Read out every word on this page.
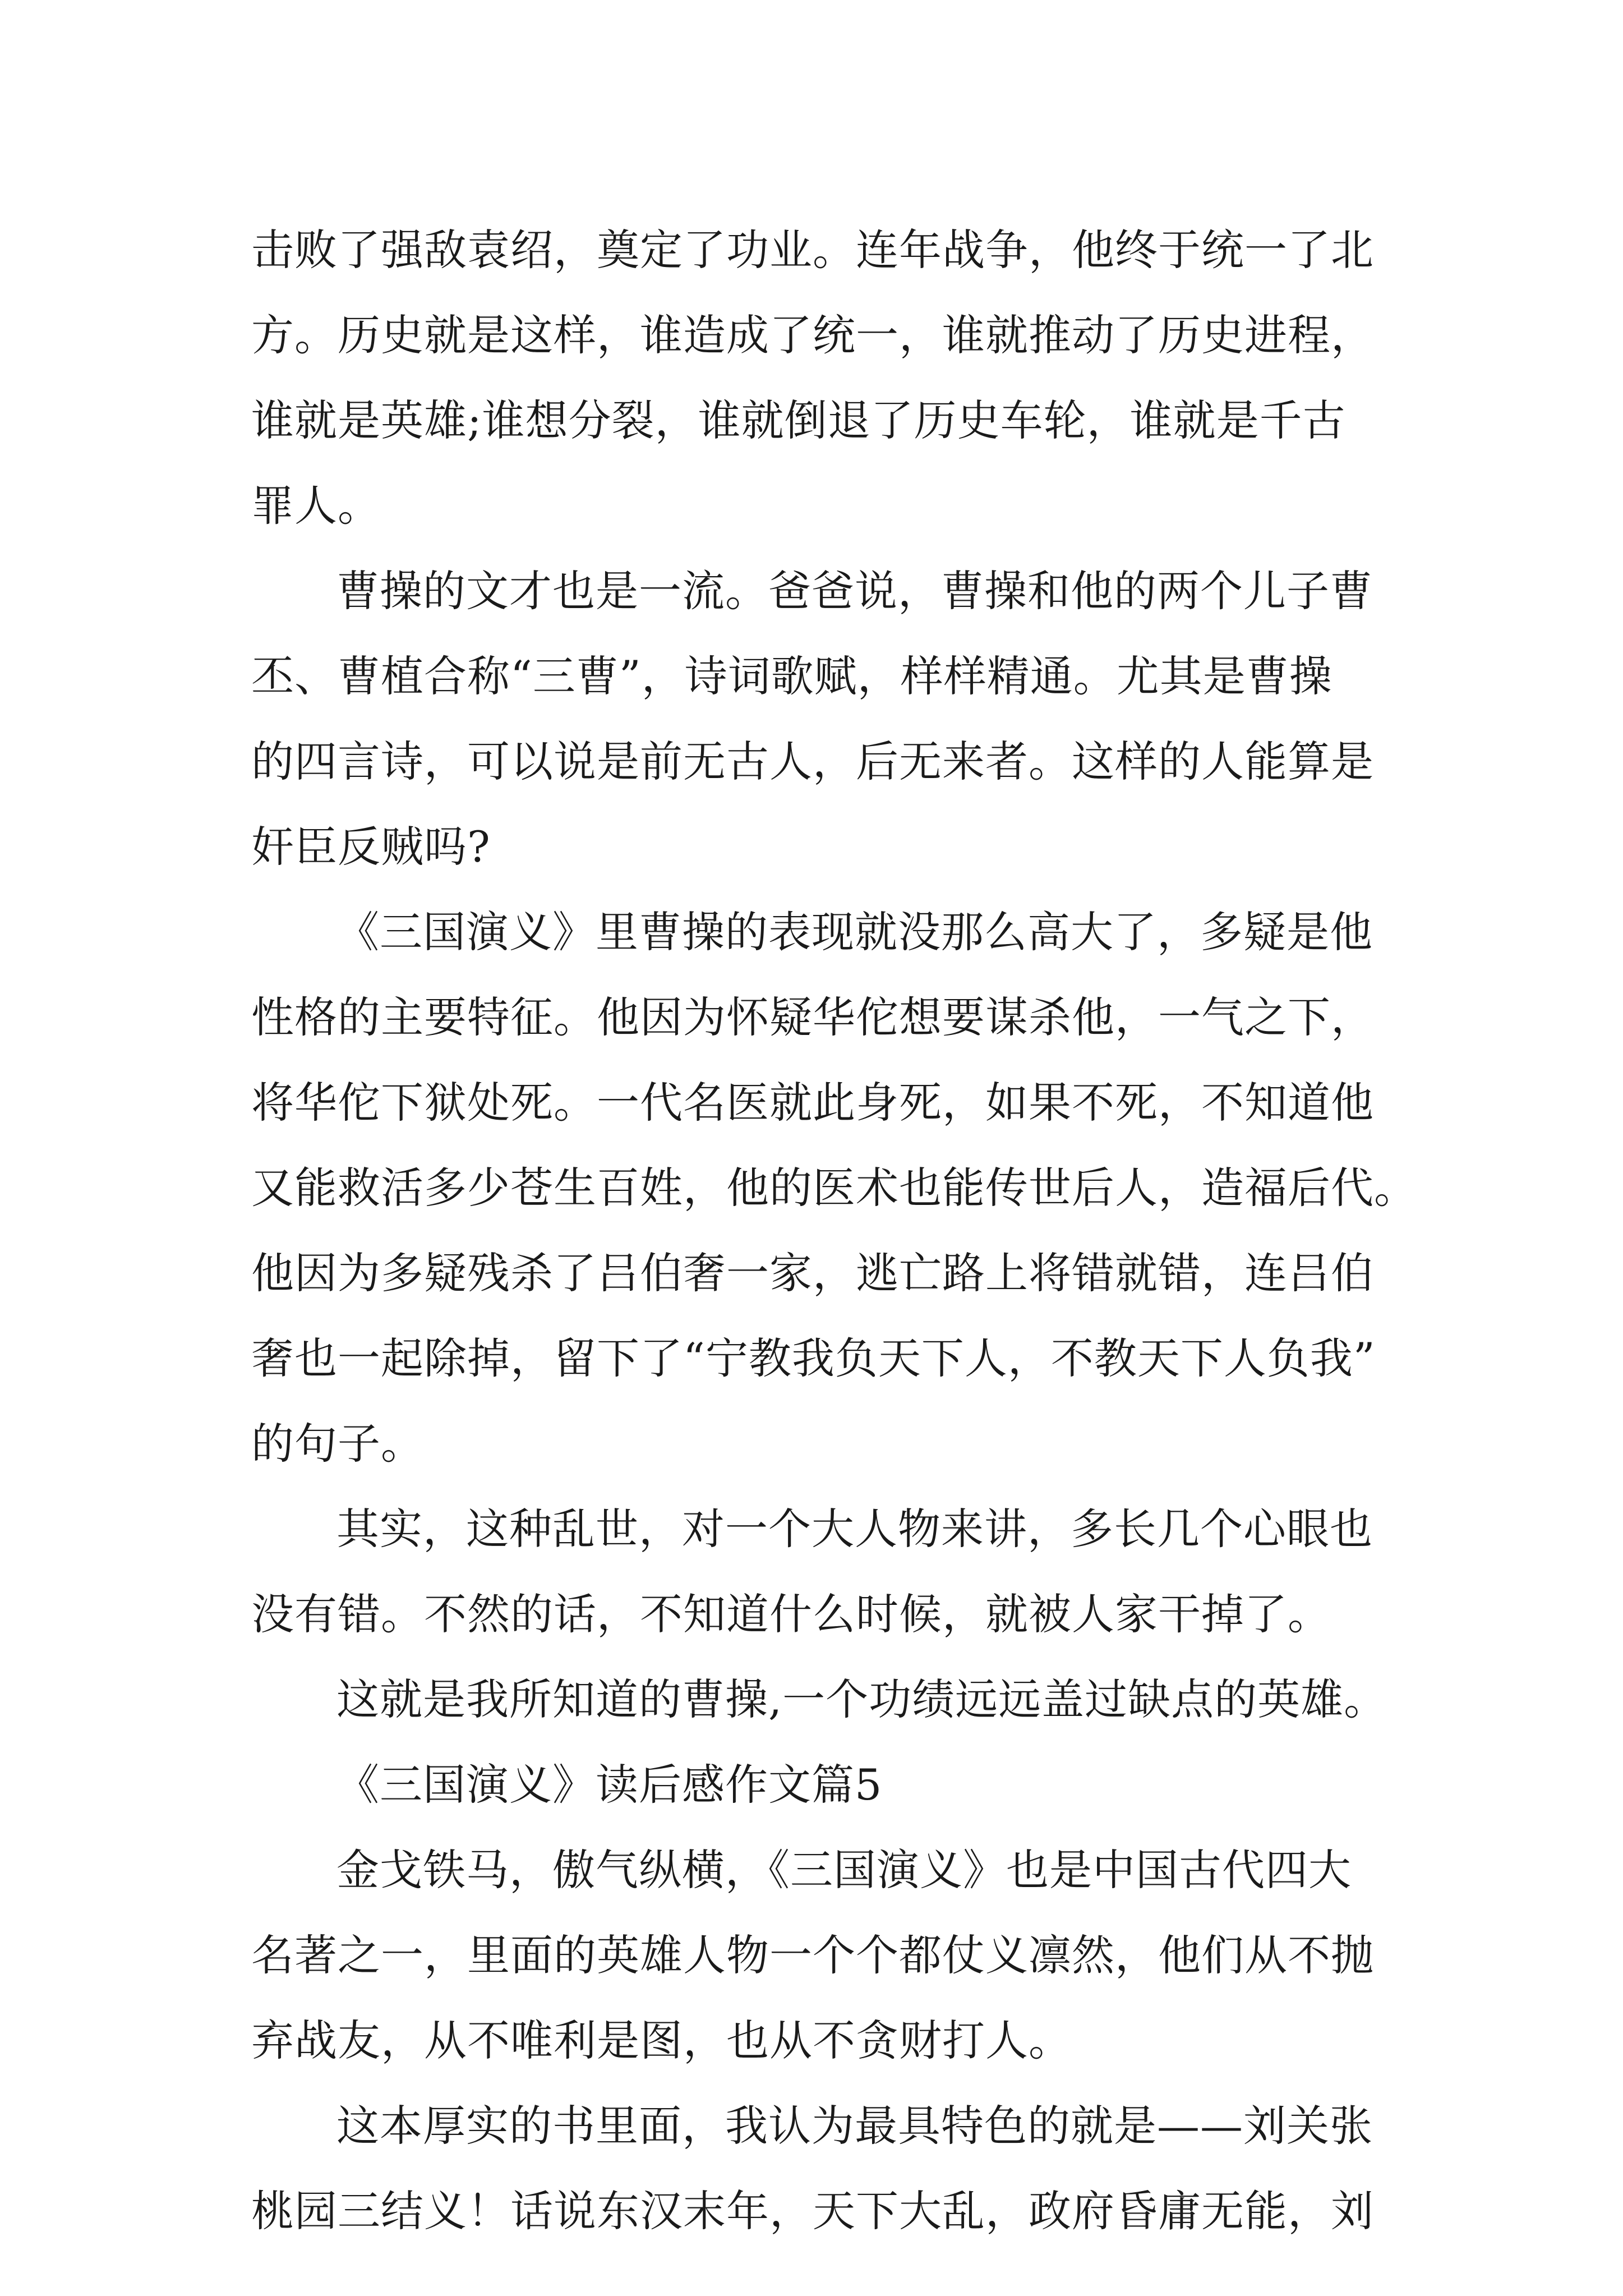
击败了强敌袁绍，奠定了功业。连年战争，他终于统一了北
方。历史就是这样，谁造成了统一，谁就推动了历史进程，
谁就是英雄;谁想分裂，谁就倒退了历史车轮，谁就是千古
罪人。
曹操的文才也是一流。爸爸说，曹操和他的两个儿子曹
丕、曹植合称“三曹”，诗词歌赋，样样精通。尤其是曹操
的四言诗，可以说是前无古人，后无来者。这样的人能算是
奸臣反贼吗?
《三国演义》里曹操的表现就没那么高大了，多疑是他
性格的主要特征。他因为怀疑华佗想要谋杀他，一气之下，
将华佗下狱处死。一代名医就此身死，如果不死，不知道他
又能救活多少苍生百姓，他的医术也能传世后人，造福后代。
他因为多疑残杀了吕伯奢一家，逃亡路上将错就错，连吕伯
奢也一起除掉，留下了“宁教我负天下人，不教天下人负我”
的句子。
其实，这种乱世，对一个大人物来讲，多长几个心眼也
没有错。不然的话，不知道什么时候，就被人家干掉了。
这就是我所知道的曹操,一个功绩远远盖过缺点的英雄。
《三国演义》读后感作文篇5
金戈铁马，傲气纵横，《三国演义》也是中国古代四大
名著之一，里面的英雄人物一个个都仗义凛然，他们从不抛
弃战友，从不唯利是图，也从不贪财打人。
这本厚实的书里面，我认为最具特色的就是——刘关张
桃园三结义！话说东汉末年，天下大乱，政府昏庸无能，刘
